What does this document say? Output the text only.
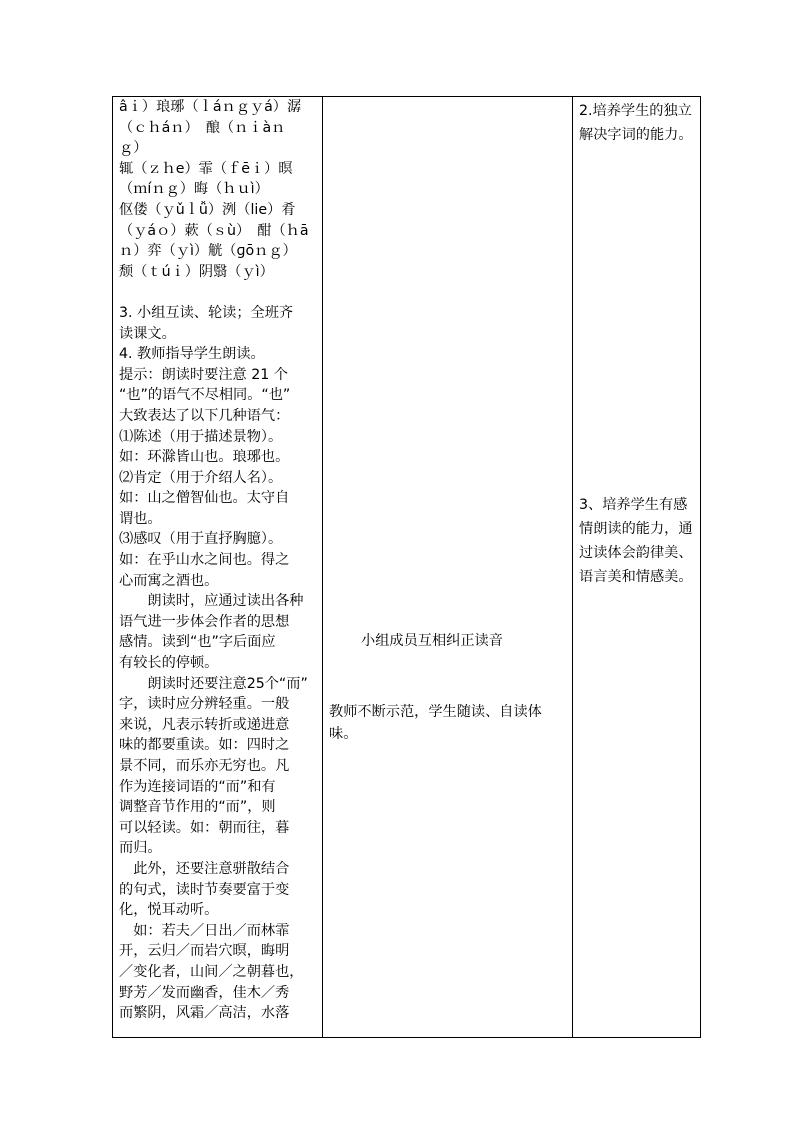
âｉ）琅琊（ｌáｎｇｙá）潺
（ｃｈáｎ）　酿（ｎｉàｎ
ｇ）
辄（ｚｈe）霏（ｆēｉ）暝
（ｍíｎｇ）晦（ｈｕì）
伛偻（ｙǔｌǚ）洌（lie）肴
（ｙáｏ）蔌（ｓù）　酣（ｈā
ｎ）弈（ｙì）觥（ɡōｎｇ）
颓（ｔúｉ）阴翳（ｙì）
3. 小组互读、轮读；全班齐
读课文。
4. 教师指导学生朗读。
提示：朗读时要注意 21 个
“也”的语气不尽相同。“也”
大致表达了以下几种语气：
⑴陈述（用于描述景物）。
如：环滁皆山也。琅琊也。
⑵肯定（用于介绍人名）。
如：山之僧智仙也。太守自
谓也。
⑶感叹（用于直抒胸臆）。
如：在乎山水之间也。得之
心而寓之酒也。
　　朗读时，应通过读出各种
语气进一步体会作者的思想
感情。读到“也”字后面应
有较长的停顿。
　　朗读时还要注意25个“而”
字，读时应分辨轻重。一般
来说，凡表示转折或递进意
味的都要重读。如：四时之
景不同，而乐亦无穷也。凡
作为连接词语的“而”和有
调整音节作用的“而”，则
可以轻读。如：朝而往，暮
而归。
　此外，还要注意骈散结合
的句式，读时节奏要富于变
化，悦耳动听。
　如：若夫／日出／而林霏
开，云归／而岩穴暝，晦明
／变化者，山间／之朝暮也，
野芳／发而幽香，佳木／秀
而繁阴，风霜／高洁，水落
小组成员互相纠正读音
教师不断示范，学生随读、自读体味。
2.培养学生的独立解决字词的能力。
3、培养学生有感情朗读的能力，通过读体会韵律美、语言美和情感美。
